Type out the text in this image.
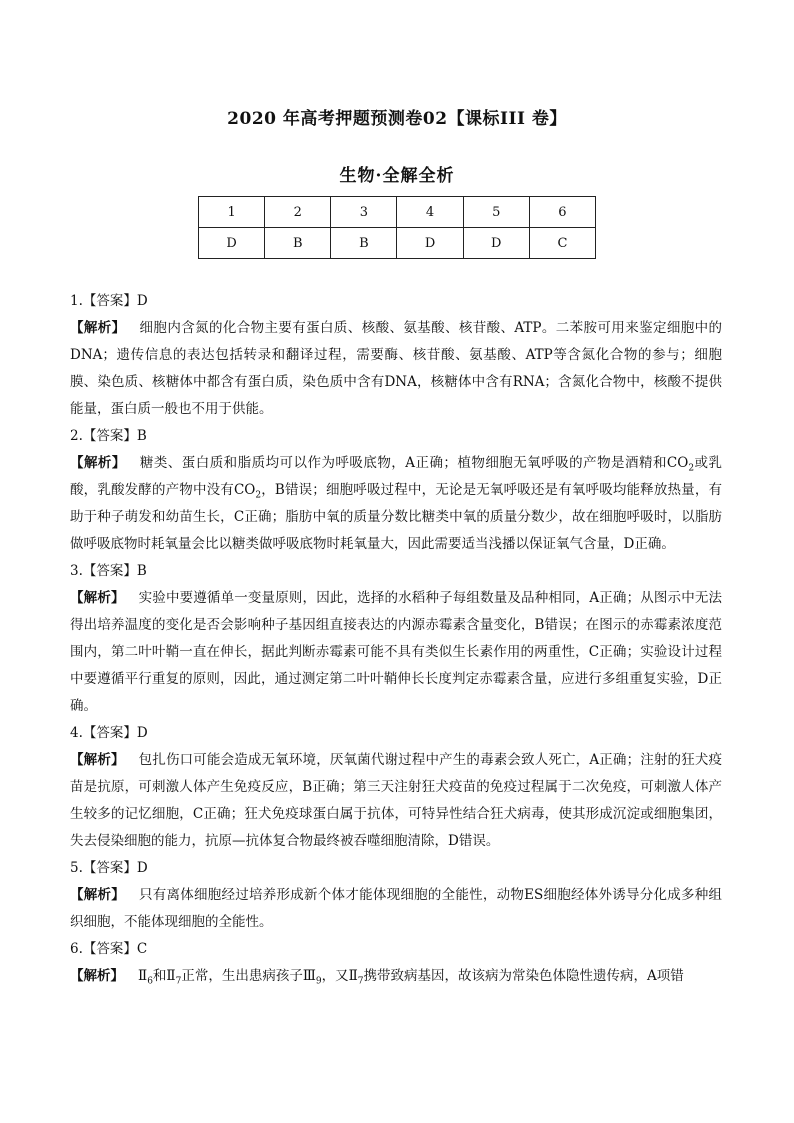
2020 年高考押题预测卷02【课标III 卷】
生物·全解全析
1	2	3	4	5	6
D	B	B	D	D	C
1.【答案】D
【解析】 细胞内含氮的化合物主要有蛋白质、核酸、氨基酸、核苷酸、ATP。二苯胺可用来鉴定细胞中的DNA；遗传信息的表达包括转录和翻译过程，需要酶、核苷酸、氨基酸、ATP等含氮化合物的参与；细胞膜、染色质、核糖体中都含有蛋白质，染色质中含有DNA，核糖体中含有RNA；含氮化合物中，核酸不提供能量，蛋白质一般也不用于供能。
2.【答案】B
【解析】 糖类、蛋白质和脂质均可以作为呼吸底物，A正确；植物细胞无氧呼吸的产物是酒精和$CO_2$或乳酸，乳酸发酵的产物中没有$CO_2$，B错误；细胞呼吸过程中，无论是无氧呼吸还是有氧呼吸均能释放热量，有助于种子萌发和幼苗生长，C正确；脂肪中氧的质量分数比糖类中氧的质量分数少，故在细胞呼吸时，以脂肪做呼吸底物时耗氧量会比以糖类做呼吸底物时耗氧量大，因此需要适当浅播以保证氧气含量，D正确。
3.【答案】B
【解析】 实验中要遵循单一变量原则，因此，选择的水稻种子每组数量及品种相同，A正确；从图示中无法得出培养温度的变化是否会影响种子基因组直接表达的内源赤霉素含量变化，B错误；在图示的赤霉素浓度范围内，第二叶叶鞘一直在伸长，据此判断赤霉素可能不具有类似生长素作用的两重性，C正确；实验设计过程中要遵循平行重复的原则，因此，通过测定第二叶叶鞘伸长长度判定赤霉素含量，应进行多组重复实验，D正确。
4.【答案】D
【解析】 包扎伤口可能会造成无氧环境，厌氧菌代谢过程中产生的毒素会致人死亡，A正确；注射的狂犬疫苗是抗原，可刺激人体产生免疫反应，B正确；第三天注射狂犬疫苗的免疫过程属于二次免疫，可刺激人体产生较多的记忆细胞，C正确；狂犬免疫球蛋白属于抗体，可特异性结合狂犬病毒，使其形成沉淀或细胞集团，失去侵染细胞的能力，抗原—抗体复合物最终被吞噬细胞清除，D错误。
5.【答案】D
【解析】 只有离体细胞经过培养形成新个体才能体现细胞的全能性，动物ES细胞经体外诱导分化成多种组织细胞，不能体现细胞的全能性。
6.【答案】C
【解析】 $Ⅱ_6$和$Ⅱ_7$正常，生出患病孩子$Ⅲ_9$，又$Ⅱ_7$携带致病基因，故该病为常染色体隐性遗传病，A项错
